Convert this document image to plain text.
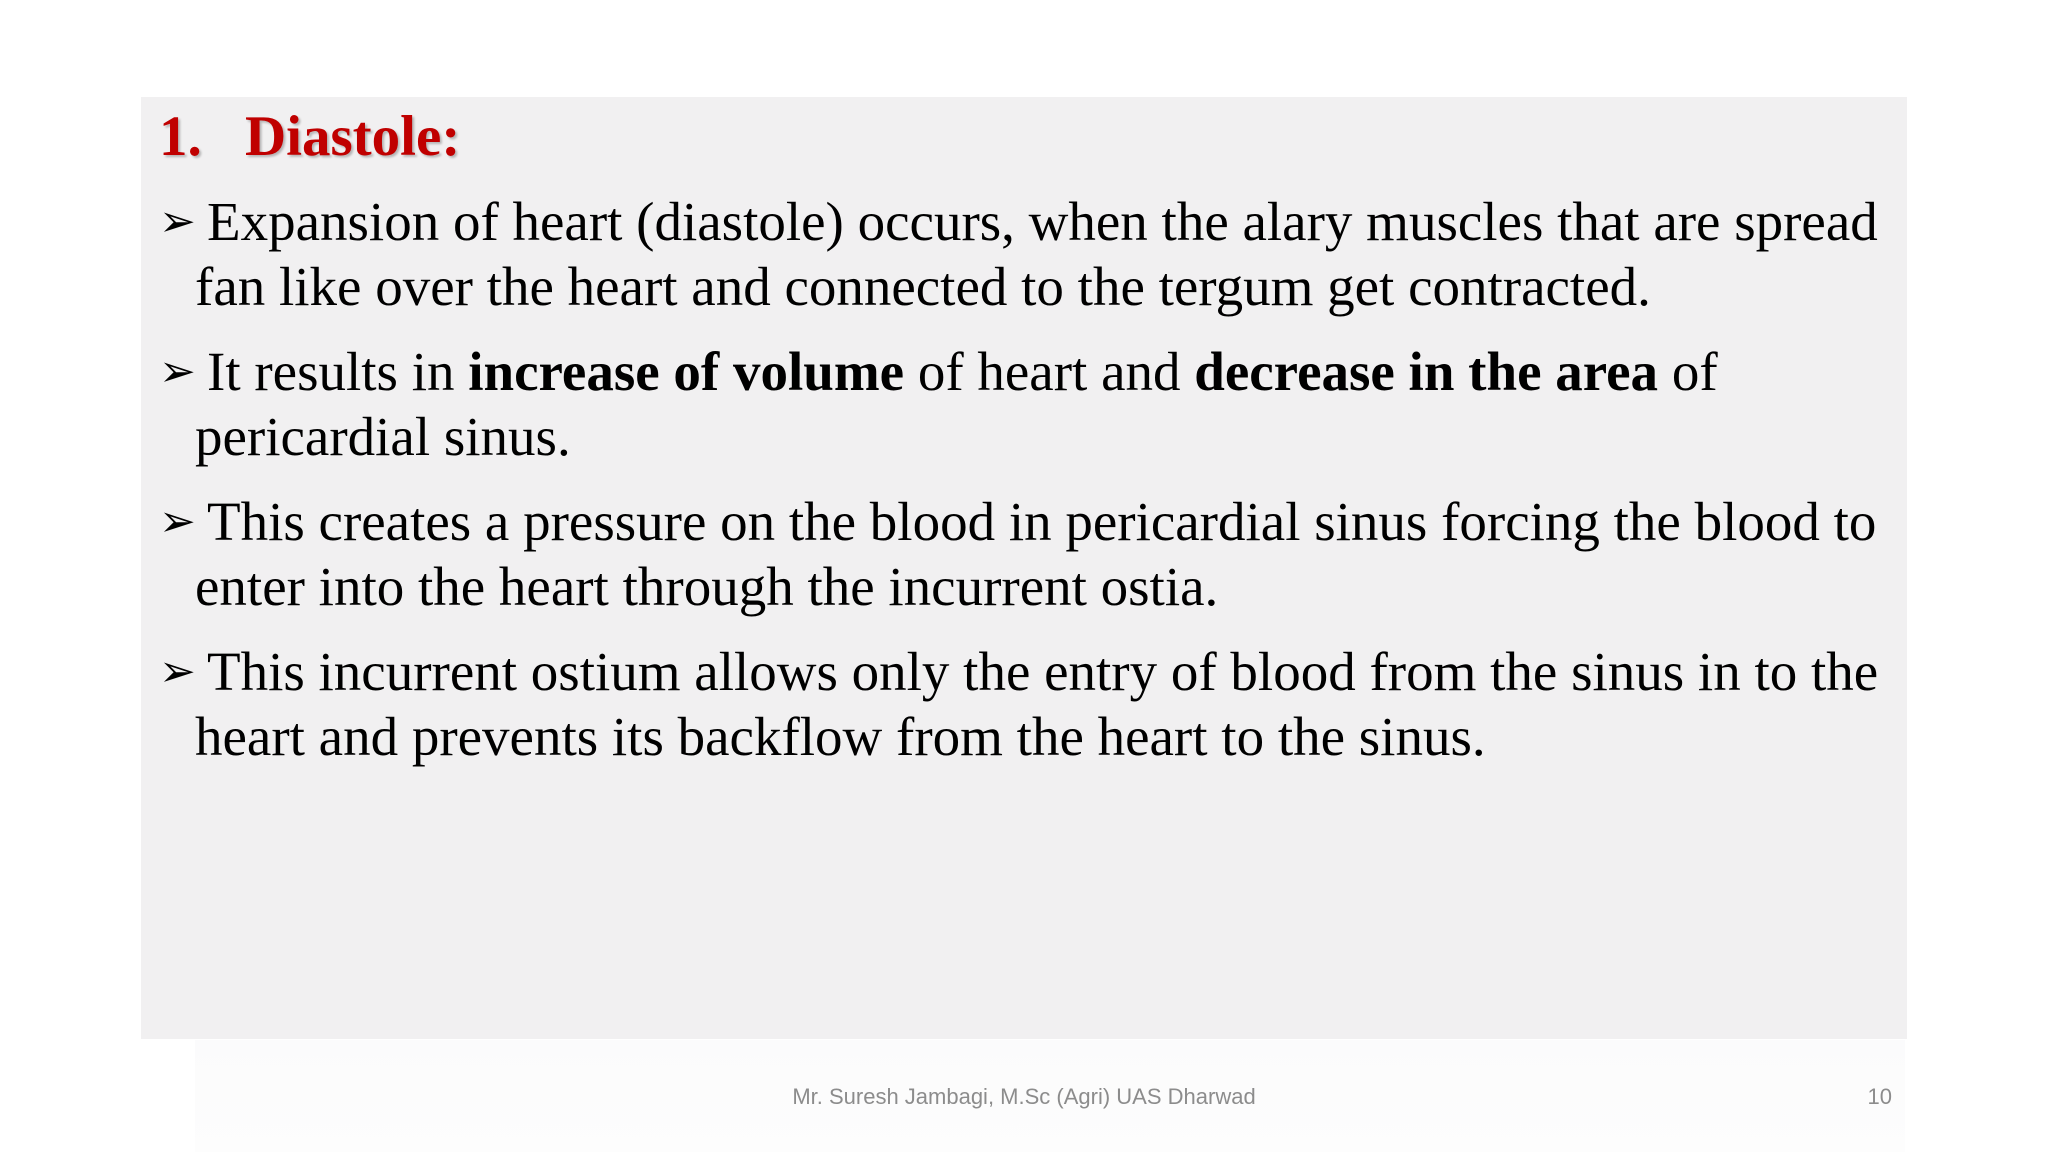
1. Diastole:
➢ Expansion of heart (diastole) occurs, when the alary muscles that are spread fan like over the heart and connected to the tergum get contracted.
➢ It results in increase of volume of heart and decrease in the area of pericardial sinus.
➢ This creates a pressure on the blood in pericardial sinus forcing the blood to enter into the heart through the incurrent ostia.
➢ This incurrent ostium allows only the entry of blood from the sinus in to the heart and prevents its backflow from the heart to the sinus.
Mr. Suresh Jambagi, M.Sc (Agri) UAS Dharwad	10
